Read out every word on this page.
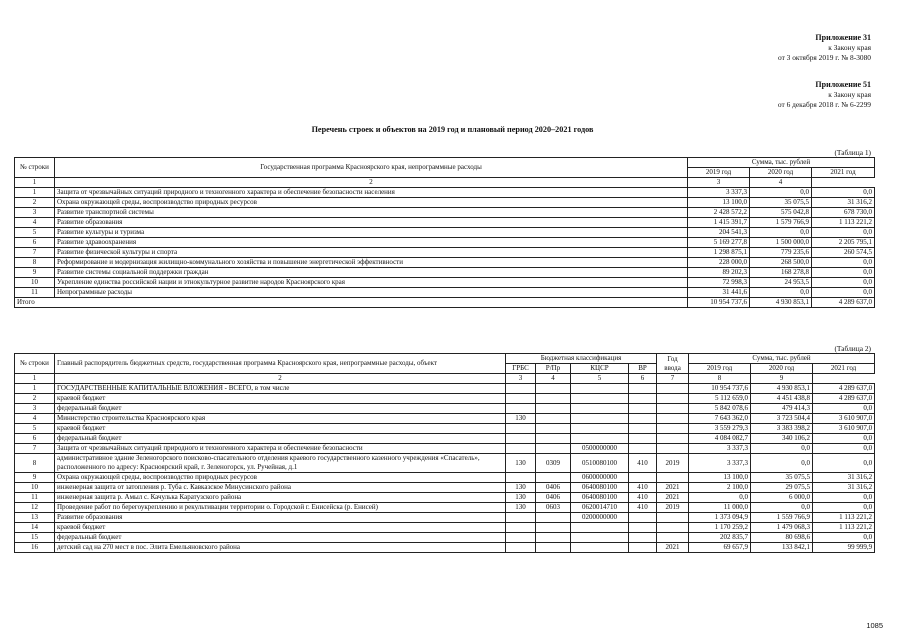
Приложение 31
к Закону края
от 3 октября 2019 г. № 8-3080
Приложение 51
к Закону края
от 6 декабря 2018 г. № 6-2299
Перечень строек и объектов на 2019 год и плановый период 2020–2021 годов
(Таблица 1)
№ строки	Государственная программа Красноярского края, непрограммные расходы	Сумма, тыс. рублей		
		2019 год	2020 год	2021 год
1	2	3	4	
1	Защита от чрезвычайных ситуаций природного и техногенного характера и обеспечение безопасности населения	3 337,3	0,0	0,0
2	Охрана окружающей среды, воспроизводство природных ресурсов	13 100,0	35 075,5	31 316,2
3	Развитие транспортной системы	2 428 572,2	575 042,8	678 730,0
4	Развитие образования	1 415 391,7	1 579 766,9	1 113 221,2
5	Развитие культуры и туризма	204 541,3	0,0	0,0
6	Развитие здравоохранения	5 169 277,8	1 500 000,0	2 205 795,1
7	Развитие физической культуры и спорта	1 298 875,1	779 235,6	260 574,5
8	Реформирование и модернизация жилищно-коммунального хозяйства и повышение энергетической эффективности	228 000,0	268 500,0	0,0
9	Развитие системы социальной поддержки граждан	89 202,3	168 278,8	0,0
10	Укрепление единства российской нации и этнокультурное развитие народов Красноярского края	72 998,3	24 953,5	0,0
11	Непрограммные расходы	31 441,6	0,0	0,0
Итого		10 954 737,6	4 930 853,1	4 289 637,0
(Таблица 2)
№ строки	Главный распорядитель бюджетных средств, государственная программа Красноярского края, непрограммные расходы, объект	Бюджетная классификация				Год ввода	Сумма, тыс. рублей		
		ГРБС	Р/Пр	КЦСР	ВР		2019 год	2020 год	2021 год
1	2	3	4	5	6	7	8	9	
1	ГОСУДАРСТВЕННЫЕ КАПИТАЛЬНЫЕ ВЛОЖЕНИЯ - ВСЕГО, в том числе						10 954 737,6	4 930 853,1	4 289 637,0
2	краевой бюджет						5 112 659,0	4 451 438,8	4 289 637,0
3	федеральный бюджет						5 842 078,6	479 414,3	0,0
4	Министерство строительства Красноярского края	130					7 643 362,0	3 723 504,4	3 610 907,0
5	краевой бюджет						3 559 279,3	3 383 398,2	3 610 907,0
6	федеральный бюджет						4 084 082,7	340 106,2	0,0
7	Защита от чрезвычайных ситуаций природного и техногенного характера и обеспечение безопасности			0500000000			3 337,3	0,0	0,0
8	административное здание Зеленогорского поисково-спасательного отделения краевого государственного казенного учреждения «Спасатель», расположенного по адресу: Красноярский край, г. Зеленогорск, ул. Ручейная, д.1	130	0309	0510080100	410	2019	3 337,3	0,0	0,0
9	Охрана окружающей среды, воспроизводство природных ресурсов			0600000000			13 100,0	35 075,5	31 316,2
10	инженерная защита от затопления р. Туба с. Кавказское Минусинского района	130	0406	0640080100	410	2021	2 100,0	29 075,5	31 316,2
11	инженерная защита р. Амыл с. Качулька Каратузского района	130	0406	0640080100	410	2021	0,0	6 000,0	0,0
12	Проведение работ по берегоукреплению и рекультивации территории о. Городской г. Енисейска (р. Енисей)	130	0603	0620014710	410	2019	11 000,0	0,0	0,0
13	Развитие образования			0200000000			1 373 094,9	1 559 766,9	1 113 221,2
14	краевой бюджет						1 170 259,2	1 479 068,3	1 113 221,2
15	федеральный бюджет						202 835,7	80 698,6	0,0
16	детский сад на 270 мест в пос. Элита Емельяновского района					2021	69 657,9	133 842,1	99 999,9
1085
